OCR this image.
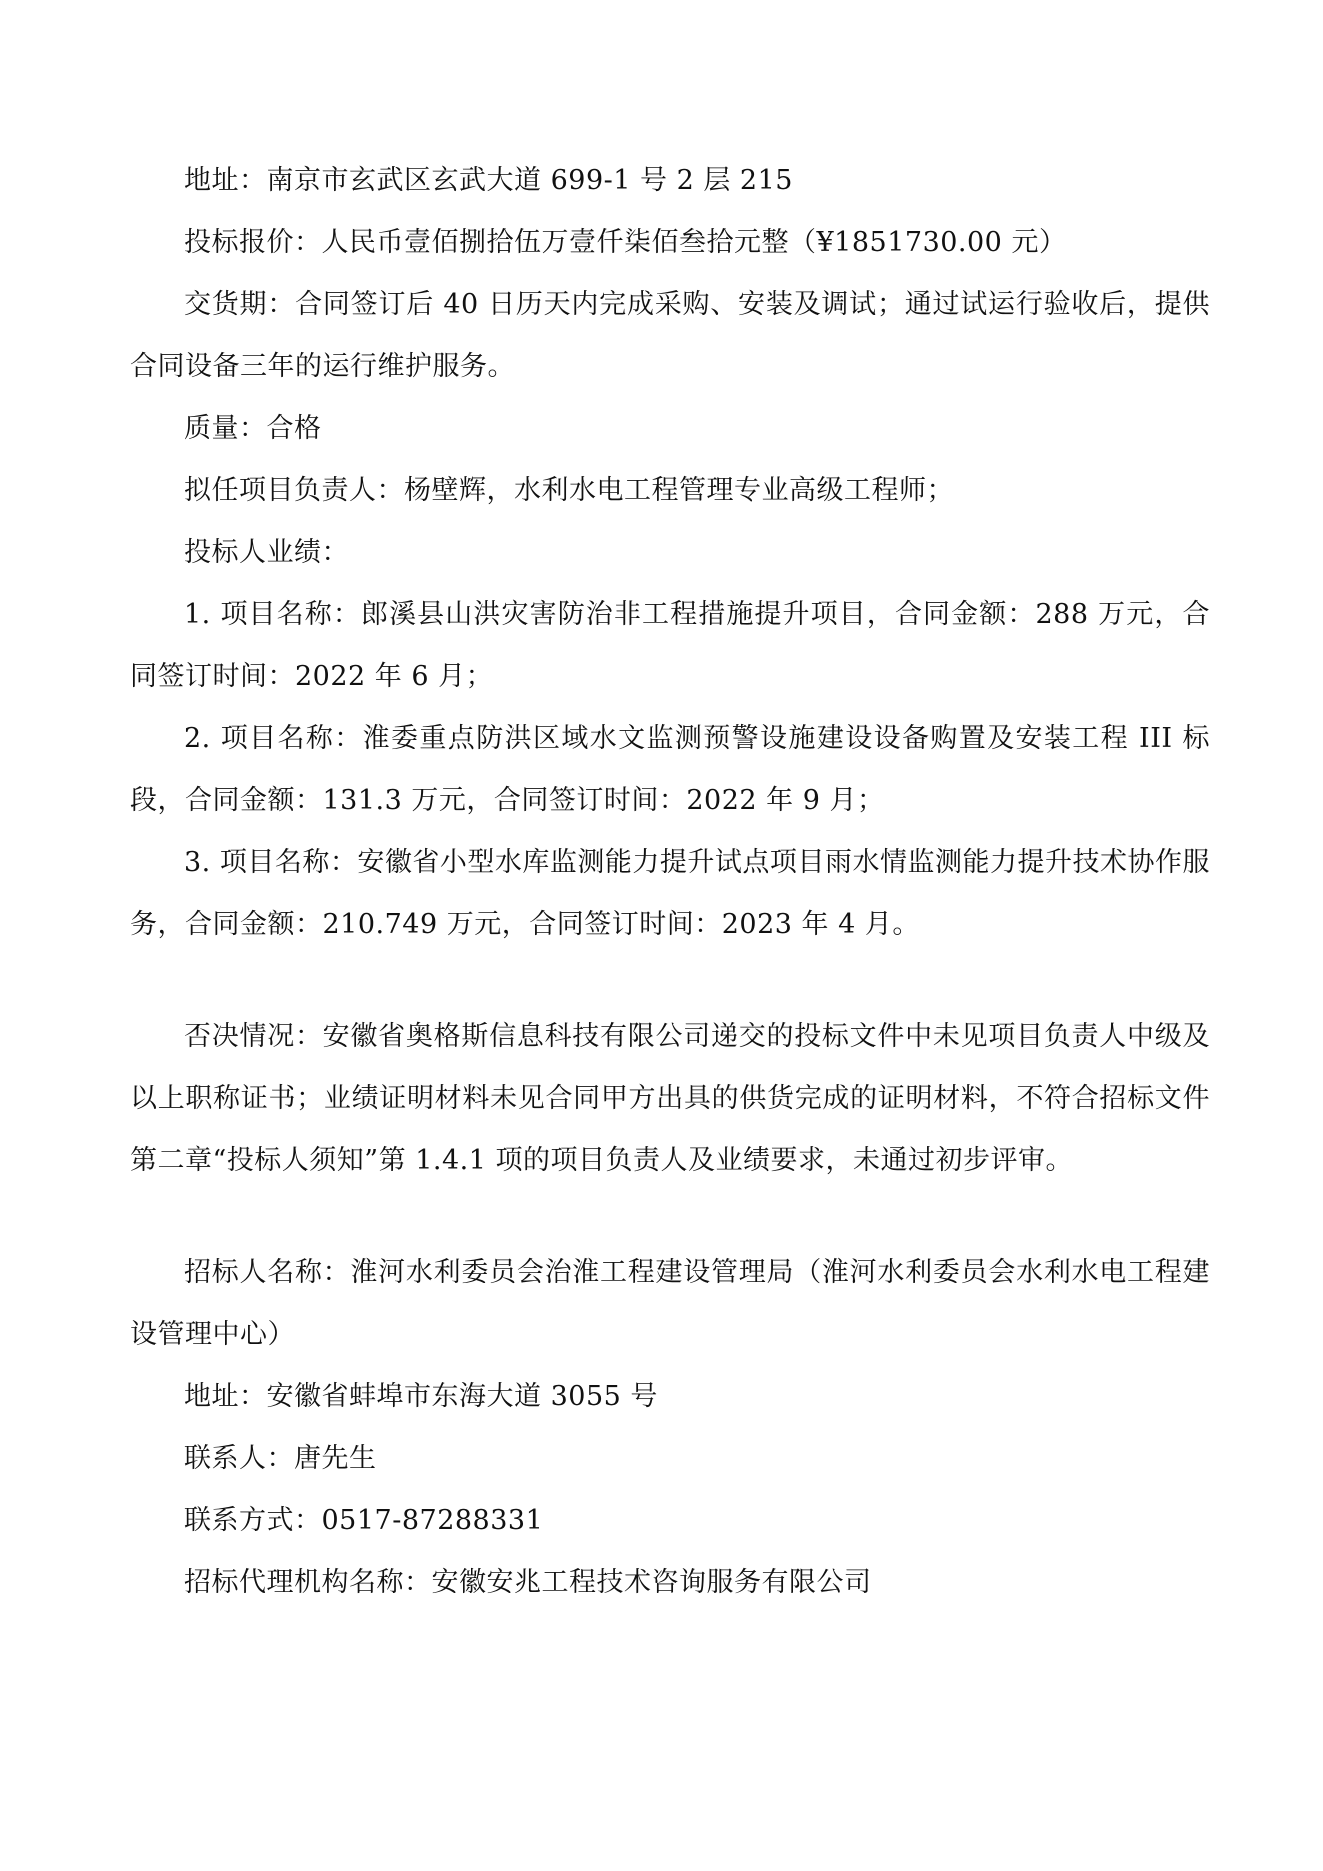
地址：南京市玄武区玄武大道 699-1 号 2 层 215

投标报价：人民币壹佰捌拾伍万壹仟柒佰叁拾元整（¥1851730.00 元）

交货期：合同签订后 40 日历天内完成采购、安装及调试；通过试运行验收后，提供合同设备三年的运行维护服务。

质量：合格

拟任项目负责人：杨壁辉，水利水电工程管理专业高级工程师；

投标人业绩：

1. 项目名称：郎溪县山洪灾害防治非工程措施提升项目，合同金额：288 万元，合同签订时间：2022 年 6 月；

2. 项目名称：淮委重点防洪区域水文监测预警设施建设设备购置及安装工程 III 标段，合同金额：131.3 万元，合同签订时间：2022 年 9 月；

3. 项目名称：安徽省小型水库监测能力提升试点项目雨水情监测能力提升技术协作服务，合同金额：210.749 万元，合同签订时间：2023 年 4 月。

否决情况：安徽省奥格斯信息科技有限公司递交的投标文件中未见项目负责人中级及以上职称证书；业绩证明材料未见合同甲方出具的供货完成的证明材料，不符合招标文件第二章“投标人须知”第 1.4.1 项的项目负责人及业绩要求，未通过初步评审。

招标人名称：淮河水利委员会治淮工程建设管理局（淮河水利委员会水利水电工程建设管理中心）

地址：安徽省蚌埠市东海大道 3055 号

联系人：唐先生

联系方式：0517-87288331

招标代理机构名称：安徽安兆工程技术咨询服务有限公司
